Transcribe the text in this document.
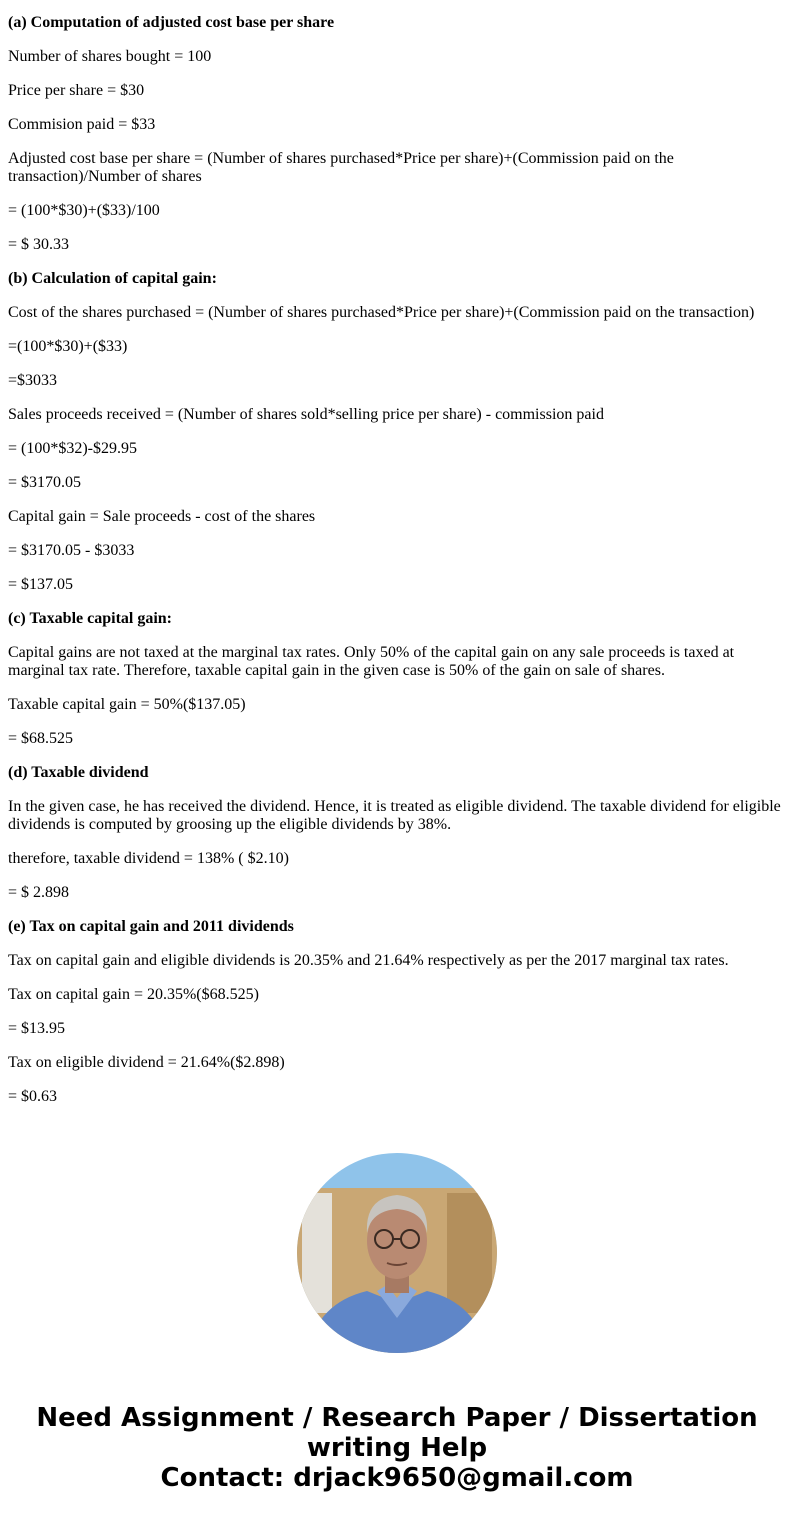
(a) Computation of adjusted cost base per share

Number of shares bought = 100

Price per share = $30

Commision paid = $33

Adjusted cost base per share = (Number of shares purchased*Price per share)+(Commission paid on the transaction)/Number of shares

= (100*$30)+($33)/100

= $ 30.33

(b) Calculation of capital gain:

Cost of the shares purchased = (Number of shares purchased*Price per share)+(Commission paid on the transaction)

=(100*$30)+($33)

=$3033

Sales proceeds received = (Number of shares sold*selling price per share) - commission paid

= (100*$32)-$29.95

= $3170.05

Capital gain = Sale proceeds - cost of the shares

= $3170.05 - $3033

= $137.05

(c) Taxable capital gain:

Capital gains are not taxed at the marginal tax rates. Only 50% of the capital gain on any sale proceeds is taxed at marginal tax rate. Therefore, taxable capital gain in the given case is 50% of the gain on sale of shares.

Taxable capital gain = 50%($137.05)

= $68.525

(d) Taxable dividend

In the given case, he has received the dividend. Hence, it is treated as eligible dividend. The taxable dividend for eligible dividends is computed by groosing up the eligible dividends by 38%.

therefore, taxable dividend = 138% ( $2.10)

= $ 2.898

(e) Tax on capital gain and 2011 dividends

Tax on capital gain and eligible dividends is 20.35% and 21.64% respectively as per the 2017 marginal tax rates.

Tax on capital gain = 20.35%($68.525)

= $13.95

Tax on eligible dividend = 21.64%($2.898)

= $0.63

Need Assignment / Research Paper / Dissertation writing Help
Contact: drjack9650@gmail.com
